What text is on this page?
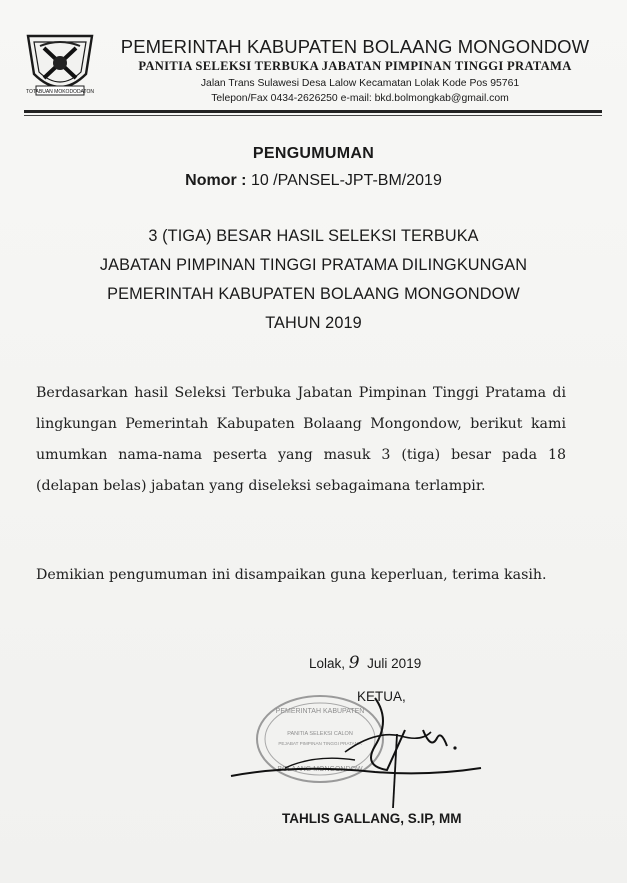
TOTABUAN MOKODODATON
PEMERINTAH KABUPATEN BOLAANG MONGONDOW
PANITIA SELEKSI TERBUKA JABATAN PIMPINAN TINGGI PRATAMA
Jalan Trans Sulawesi Desa Lalow Kecamatan Lolak Kode Pos 95761
Telepon/Fax 0434-2626250 e-mail: bkd.bolmongkab@gmail.com
PENGUMUMAN
Nomor : 10 /PANSEL-JPT-BM/2019
3 (TIGA) BESAR HASIL SELEKSI TERBUKA
JABATAN PIMPINAN TINGGI PRATAMA DILINGKUNGAN
PEMERINTAH KABUPATEN BOLAANG MONGONDOW
TAHUN 2019
Berdasarkan hasil Seleksi Terbuka Jabatan Pimpinan Tinggi Pratama di lingkungan Pemerintah Kabupaten Bolaang Mongondow, berikut kami umumkan nama-nama peserta yang masuk 3 (tiga) besar pada 18 (delapan belas) jabatan yang diseleksi sebagaimana terlampir.
Demikian pengumuman ini disampaikan guna keperluan, terima kasih.
PEMERINTAH KABUPATEN
PANITIA SELEKSI CALON
PEJABAT PIMPINAN TINGGI PRATAMA
BOLAANG MONGONDOW
Lolak, 9 Juli 2019
KETUA,
TAHLIS GALLANG, S.IP, MM
